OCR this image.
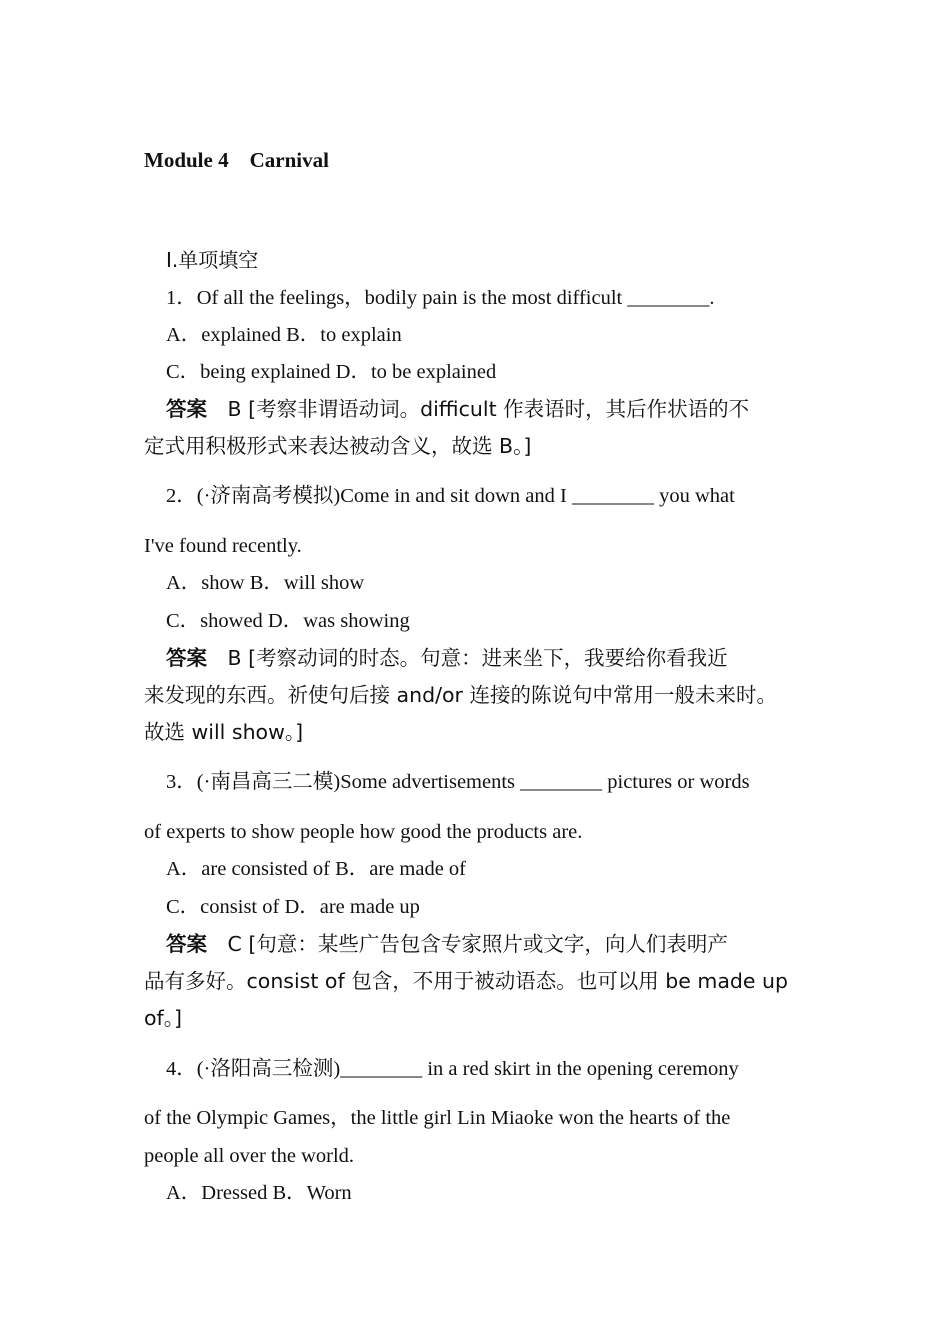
Module 4    Carnival
Ⅰ.单项填空
1．Of all the feelings，bodily pain is the most difficult ________.
A．explained B．to explain
C．being explained D．to be explained
答案 B [考察非谓语动词。difficult 作表语时，其后作状语的不
定式用积极形式来表达被动含义，故选 B。]
2．(·济南高考模拟)Come in and sit down and I ________ you what
I've found recently.
A．show B．will show
C．showed D．was showing
答案 B [考察动词的时态。句意：进来坐下，我要给你看我近
来发现的东西。祈使句后接 and/or 连接的陈说句中常用一般未来时。
故选 will show。]
3．(·南昌高三二模)Some advertisements ________ pictures or words
of experts to show people how good the products are.
A．are consisted of B．are made of
C．consist of D．are made up
答案 C [句意：某些广告包含专家照片或文字，向人们表明产
品有多好。consist of 包含，不用于被动语态。也可以用 be made up
of。]
4．(·洛阳高三检测)________ in a red skirt in the opening ceremony
of the Olympic Games，the little girl Lin Miaoke won the hearts of the
people all over the world.
A．Dressed B．Worn
